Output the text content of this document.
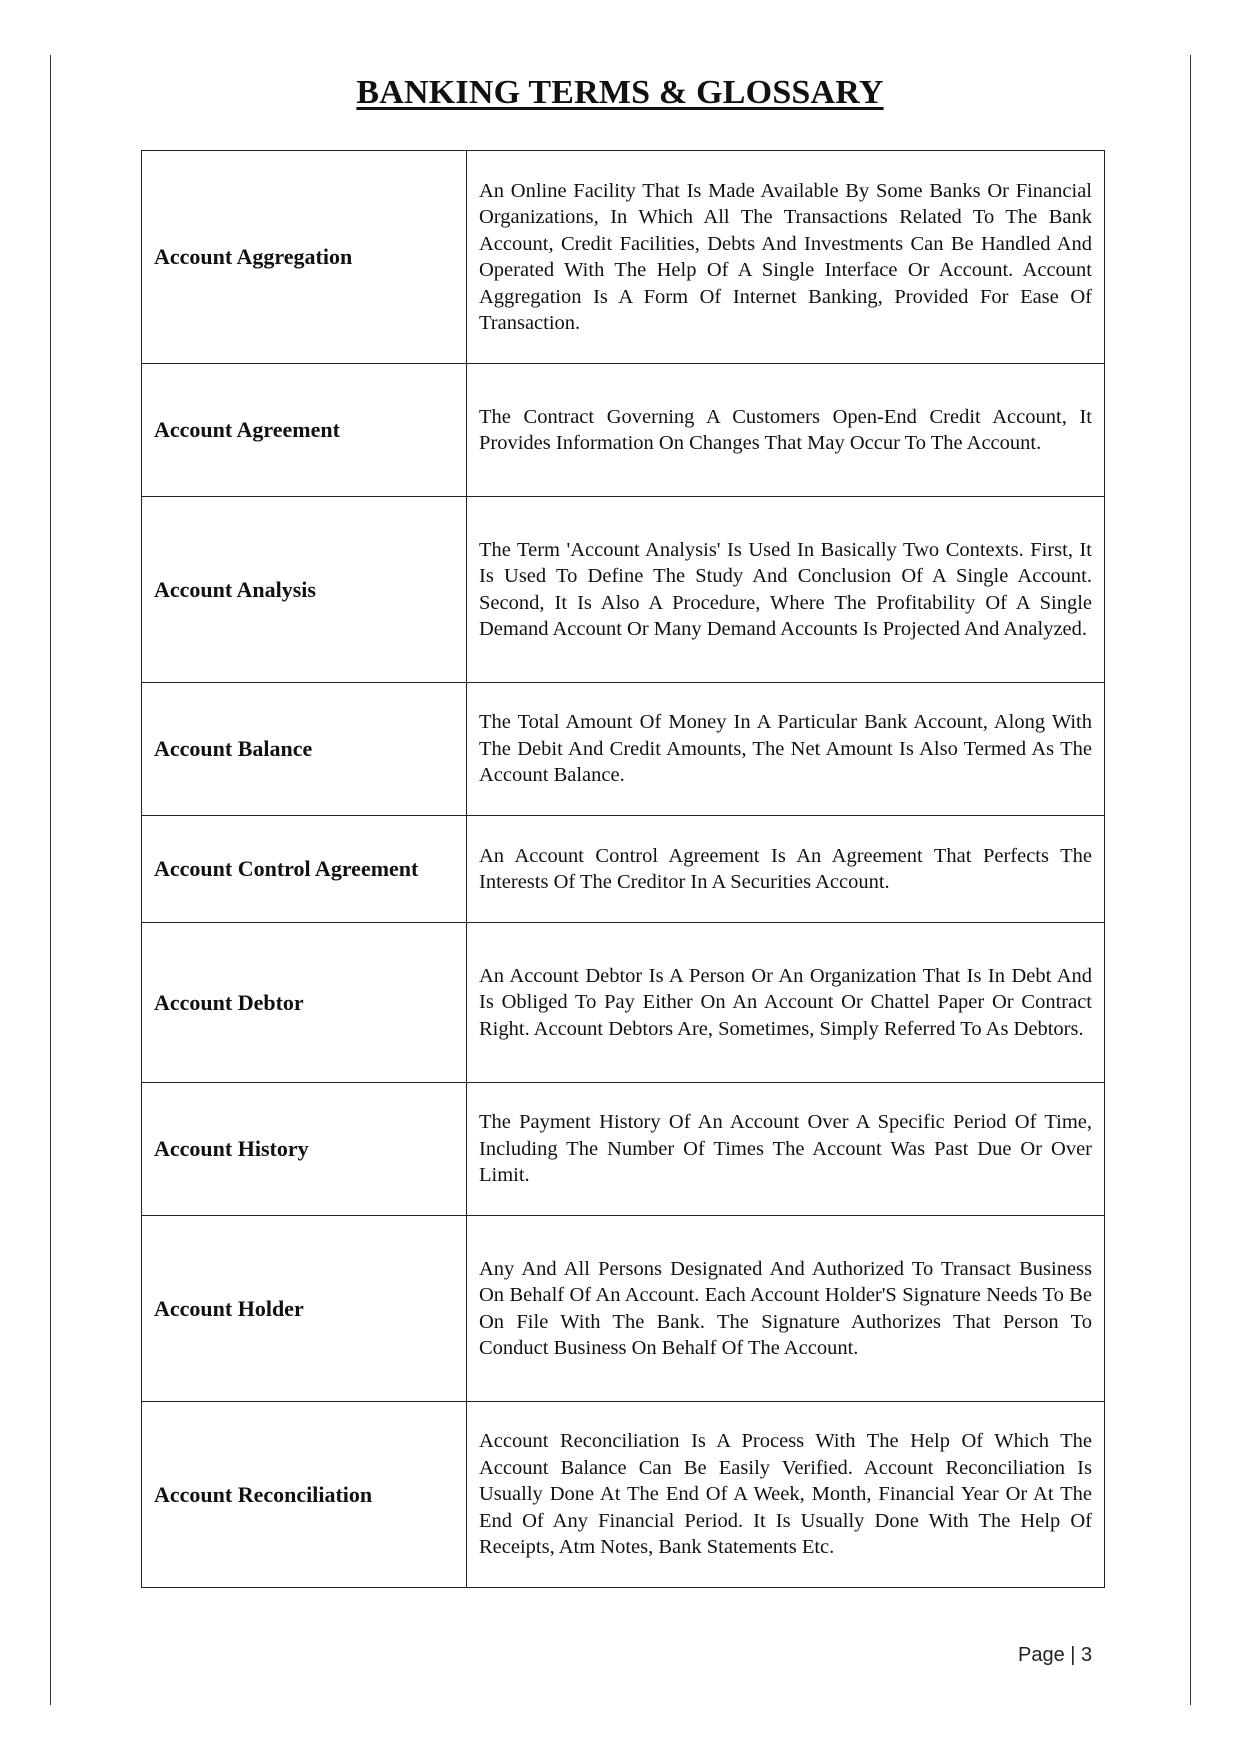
BANKING TERMS & GLOSSARY
Account Aggregation	An Online Facility That Is Made Available By Some Banks Or Financial Organizations, In Which All The Transactions Related To The Bank Account, Credit Facilities, Debts And Investments Can Be Handled And Operated With The Help Of A Single Interface Or Account. Account Aggregation Is A Form Of Internet Banking, Provided For Ease Of Transaction.
Account Agreement	The Contract Governing A Customers Open-End Credit Account, It Provides Information On Changes That May Occur To The Account.
Account Analysis	The Term 'Account Analysis' Is Used In Basically Two Contexts. First, It Is Used To Define The Study And Conclusion Of A Single Account. Second, It Is Also A Procedure, Where The Profitability Of A Single Demand Account Or Many Demand Accounts Is Projected And Analyzed.
Account Balance	The Total Amount Of Money In A Particular Bank Account, Along With The Debit And Credit Amounts, The Net Amount Is Also Termed As The Account Balance.
Account Control Agreement	An Account Control Agreement Is An Agreement That Perfects The Interests Of The Creditor In A Securities Account.
Account Debtor	An Account Debtor Is A Person Or An Organization That Is In Debt And Is Obliged To Pay Either On An Account Or Chattel Paper Or Contract Right. Account Debtors Are, Sometimes, Simply Referred To As Debtors.
Account History	The Payment History Of An Account Over A Specific Period Of Time, Including The Number Of Times The Account Was Past Due Or Over Limit.
Account Holder	Any And All Persons Designated And Authorized To Transact Business On Behalf Of An Account. Each Account Holder'S Signature Needs To Be On File With The Bank. The Signature Authorizes That Person To Conduct Business On Behalf Of The Account.
Account Reconciliation	Account Reconciliation Is A Process With The Help Of Which The Account Balance Can Be Easily Verified. Account Reconciliation Is Usually Done At The End Of A Week, Month, Financial Year Or At The End Of Any Financial Period. It Is Usually Done With The Help Of Receipts, Atm Notes, Bank Statements Etc.
Page | 3
